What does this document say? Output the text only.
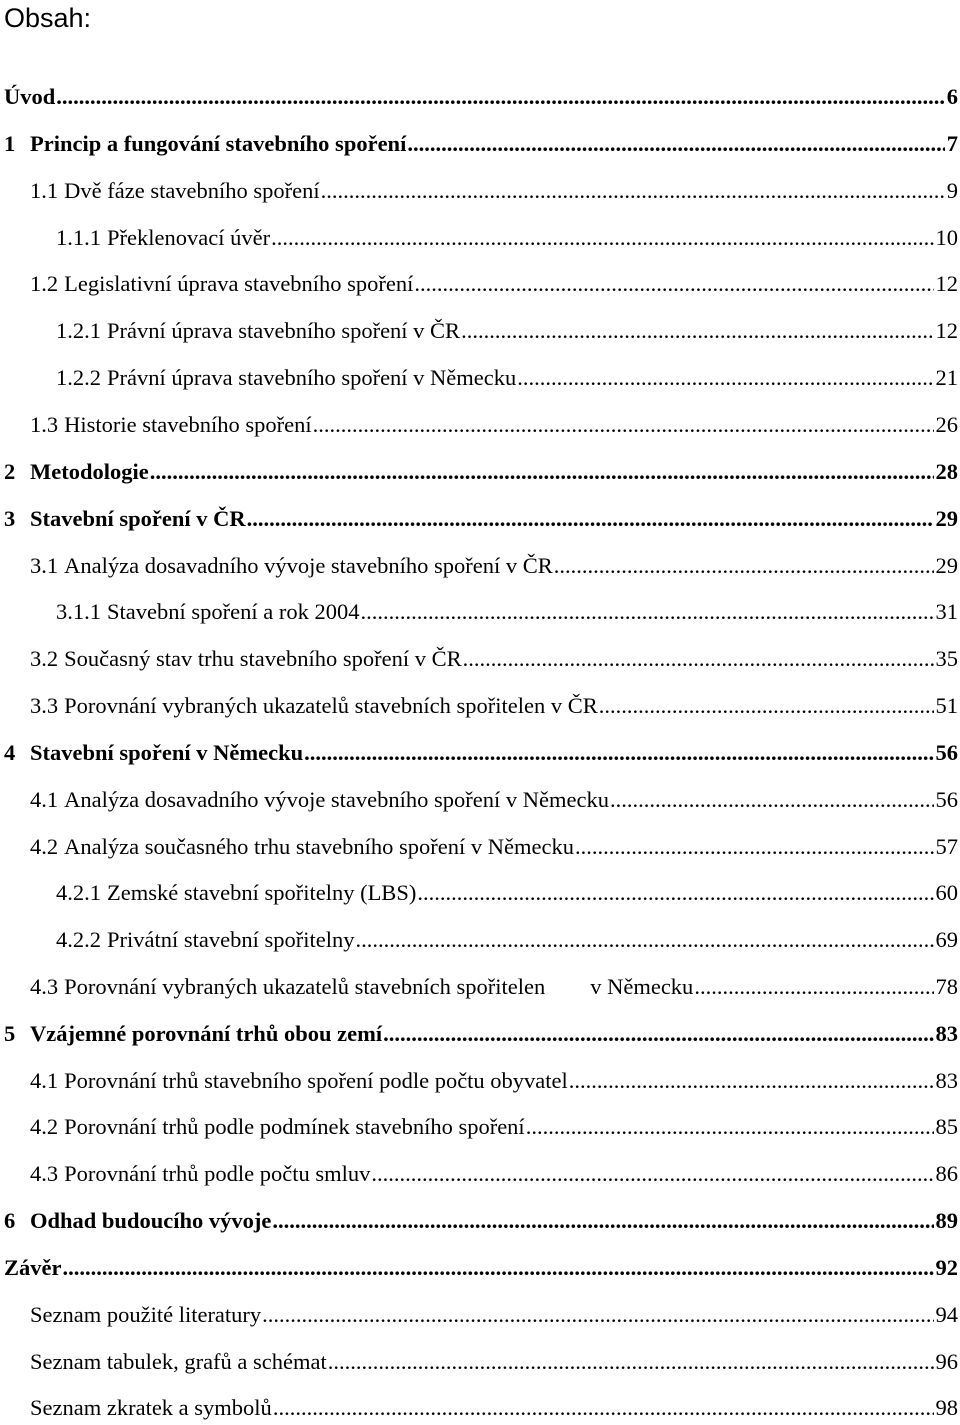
Obsah:
Úvod .....	6
1 Princip a fungování stavebního spoření .....	7
1.1 Dvě fáze stavebního spoření .....	9
1.1.1 Překlenovací úvěr .....	10
1.2 Legislativní úprava stavebního spoření .....	12
1.2.1 Právní úprava stavebního spoření v ČR .....	12
1.2.2 Právní úprava stavebního spoření v Německu .....	21
1.3 Historie stavebního spoření .....	26
2 Metodologie .....	28
3 Stavební spoření v ČR .....	29
3.1 Analýza dosavadního vývoje stavebního spoření v ČR .....	29
3.1.1 Stavební spoření a rok 2004 .....	31
3.2 Současný stav trhu stavebního spoření v ČR .....	35
3.3 Porovnání vybraných ukazatelů stavebních spořitelen v ČR .....	51
4 Stavební spoření v Německu .....	56
4.1 Analýza dosavadního vývoje stavebního spoření v Německu .....	56
4.2 Analýza současného trhu stavebního spoření v Německu .....	57
4.2.1 Zemské stavební spořitelny (LBS) .....	60
4.2.2 Privátní stavební spořitelny .....	69
4.3 Porovnání vybraných ukazatelů stavebních spořitelen        v Německu .....	78
5 Vzájemné porovnání trhů obou zemí .....	83
4.1 Porovnání trhů stavebního spoření podle počtu obyvatel .....	83
4.2 Porovnání trhů podle podmínek stavebního spoření .....	85
4.3 Porovnání trhů podle počtu smluv .....	86
6 Odhad budoucího vývoje .....	89
Závěr .....	92
Seznam použité literatury .....	94
Seznam tabulek, grafů a schémat .....	96
Seznam zkratek a symbolů .....	98
